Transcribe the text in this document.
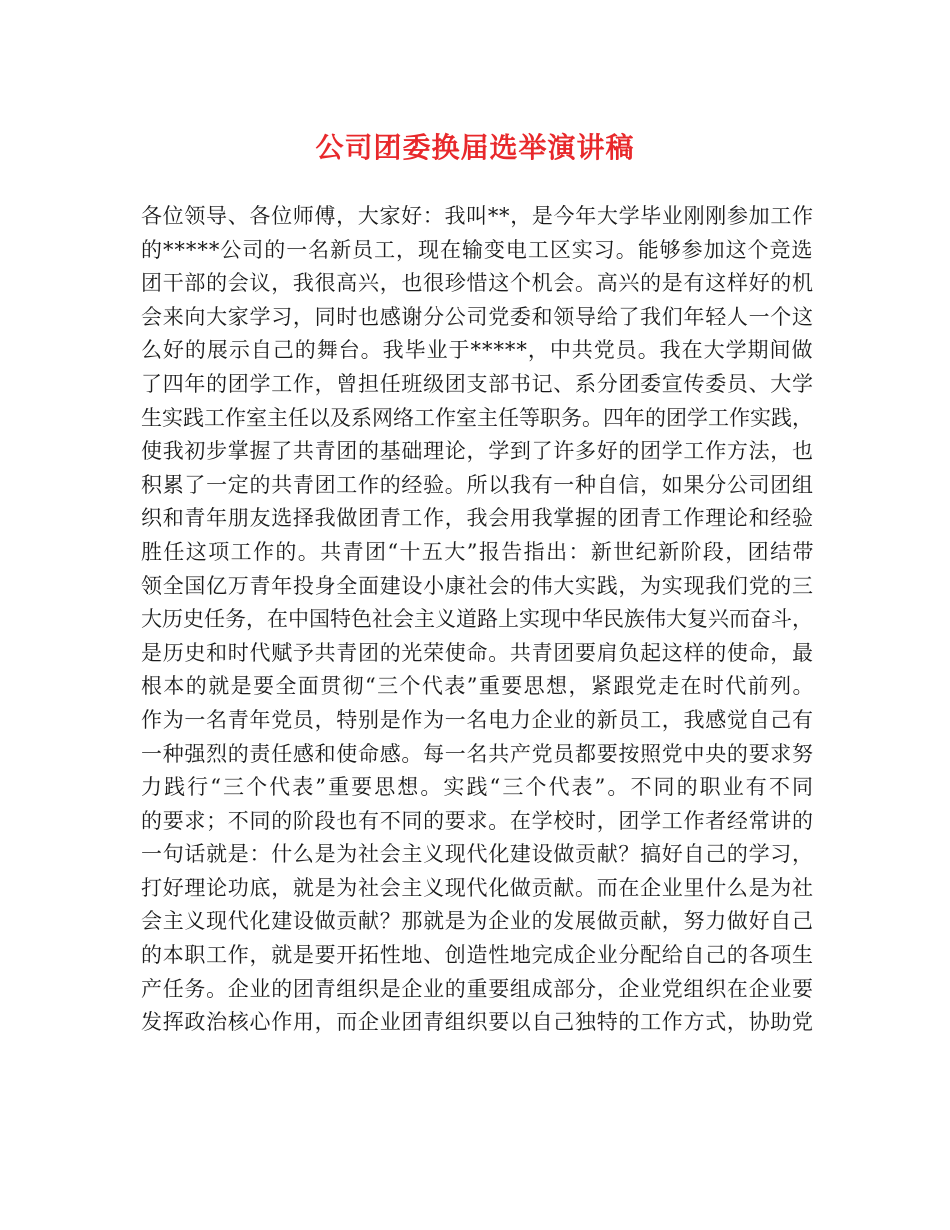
公司团委换届选举演讲稿
各位领导、各位师傅，大家好：我叫**，是今年大学毕业刚刚参加工作
的*****公司的一名新员工，现在输变电工区实习。能够参加这个竞选
团干部的会议，我很高兴，也很珍惜这个机会。高兴的是有这样好的机
会来向大家学习，同时也感谢分公司党委和领导给了我们年轻人一个这
么好的展示自己的舞台。我毕业于*****，中共党员。我在大学期间做
了四年的团学工作，曾担任班级团支部书记、系分团委宣传委员、大学
生实践工作室主任以及系网络工作室主任等职务。四年的团学工作实践，
使我初步掌握了共青团的基础理论，学到了许多好的团学工作方法，也
积累了一定的共青团工作的经验。所以我有一种自信，如果分公司团组
织和青年朋友选择我做团青工作，我会用我掌握的团青工作理论和经验
胜任这项工作的。共青团“十五大”报告指出：新世纪新阶段，团结带
领全国亿万青年投身全面建设小康社会的伟大实践，为实现我们党的三
大历史任务，在中国特色社会主义道路上实现中华民族伟大复兴而奋斗，
是历史和时代赋予共青团的光荣使命。共青团要肩负起这样的使命，最
根本的就是要全面贯彻“三个代表”重要思想，紧跟党走在时代前列。
作为一名青年党员，特别是作为一名电力企业的新员工，我感觉自己有
一种强烈的责任感和使命感。每一名共产党员都要按照党中央的要求努
力践行“三个代表”重要思想。实践“三个代表”。不同的职业有不同
的要求；不同的阶段也有不同的要求。在学校时，团学工作者经常讲的
一句话就是：什么是为社会主义现代化建设做贡献？搞好自己的学习，
打好理论功底，就是为社会主义现代化做贡献。而在企业里什么是为社
会主义现代化建设做贡献？那就是为企业的发展做贡献，努力做好自己
的本职工作，就是要开拓性地、创造性地完成企业分配给自己的各项生
产任务。企业的团青组织是企业的重要组成部分，企业党组织在企业要
发挥政治核心作用，而企业团青组织要以自己独特的工作方式，协助党
